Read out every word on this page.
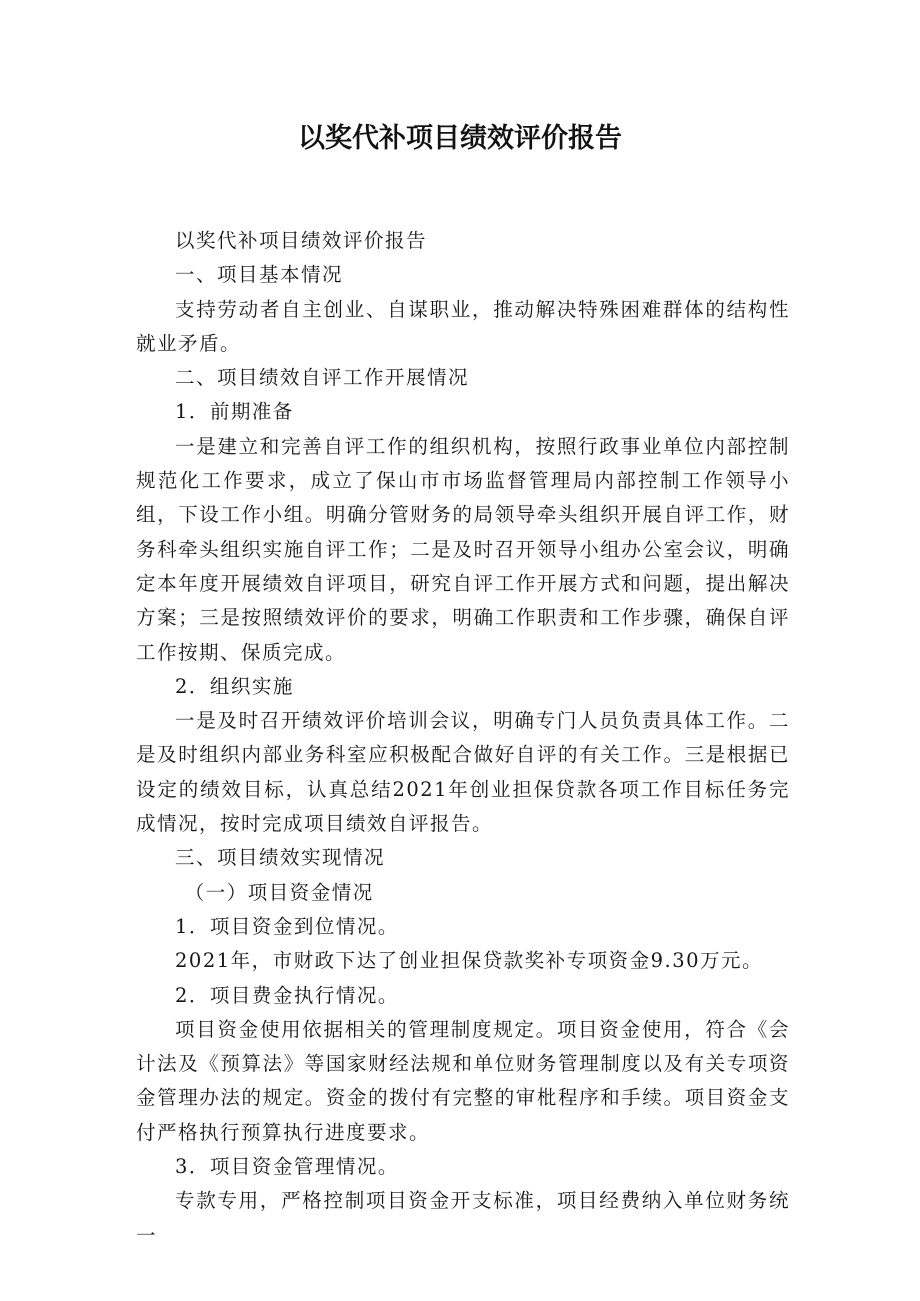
以奖代补项目绩效评价报告

以奖代补项目绩效评价报告

一、项目基本情况

支持劳动者自主创业、自谋职业，推动解决特殊困难群体的结构性就业矛盾。

二、项目绩效自评工作开展情况

1．前期准备

一是建立和完善自评工作的组织机构，按照行政事业单位内部控制规范化工作要求，成立了保山市市场监督管理局内部控制工作领导小组，下设工作小组。明确分管财务的局领导牵头组织开展自评工作，财务科牵头组织实施自评工作；二是及时召开领导小组办公室会议，明确定本年度开展绩效自评项目，研究自评工作开展方式和问题，提出解决方案；三是按照绩效评价的要求，明确工作职责和工作步骤，确保自评工作按期、保质完成。

2．组织实施

一是及时召开绩效评价培训会议，明确专门人员负责具体工作。二是及时组织内部业务科室应积极配合做好自评的有关工作。三是根据已设定的绩效目标，认真总结2021年创业担保贷款各项工作目标任务完成情况，按时完成项目绩效自评报告。

三、项目绩效实现情况

（一）项目资金情况

1．项目资金到位情况。

2021年，市财政下达了创业担保贷款奖补专项资金9.30万元。

2．项目费金执行情况。

项目资金使用依据相关的管理制度规定。项目资金使用，符合《会计法及《预算法》等国家财经法规和单位财务管理制度以及有关专项资金管理办法的规定。资金的拨付有完整的审枇程序和手续。项目资金支付严格执行预算执行进度要求。

3．项目资金管理情况。

专款专用，严格控制项目资金开支标准，项目经费纳入单位财务统一
